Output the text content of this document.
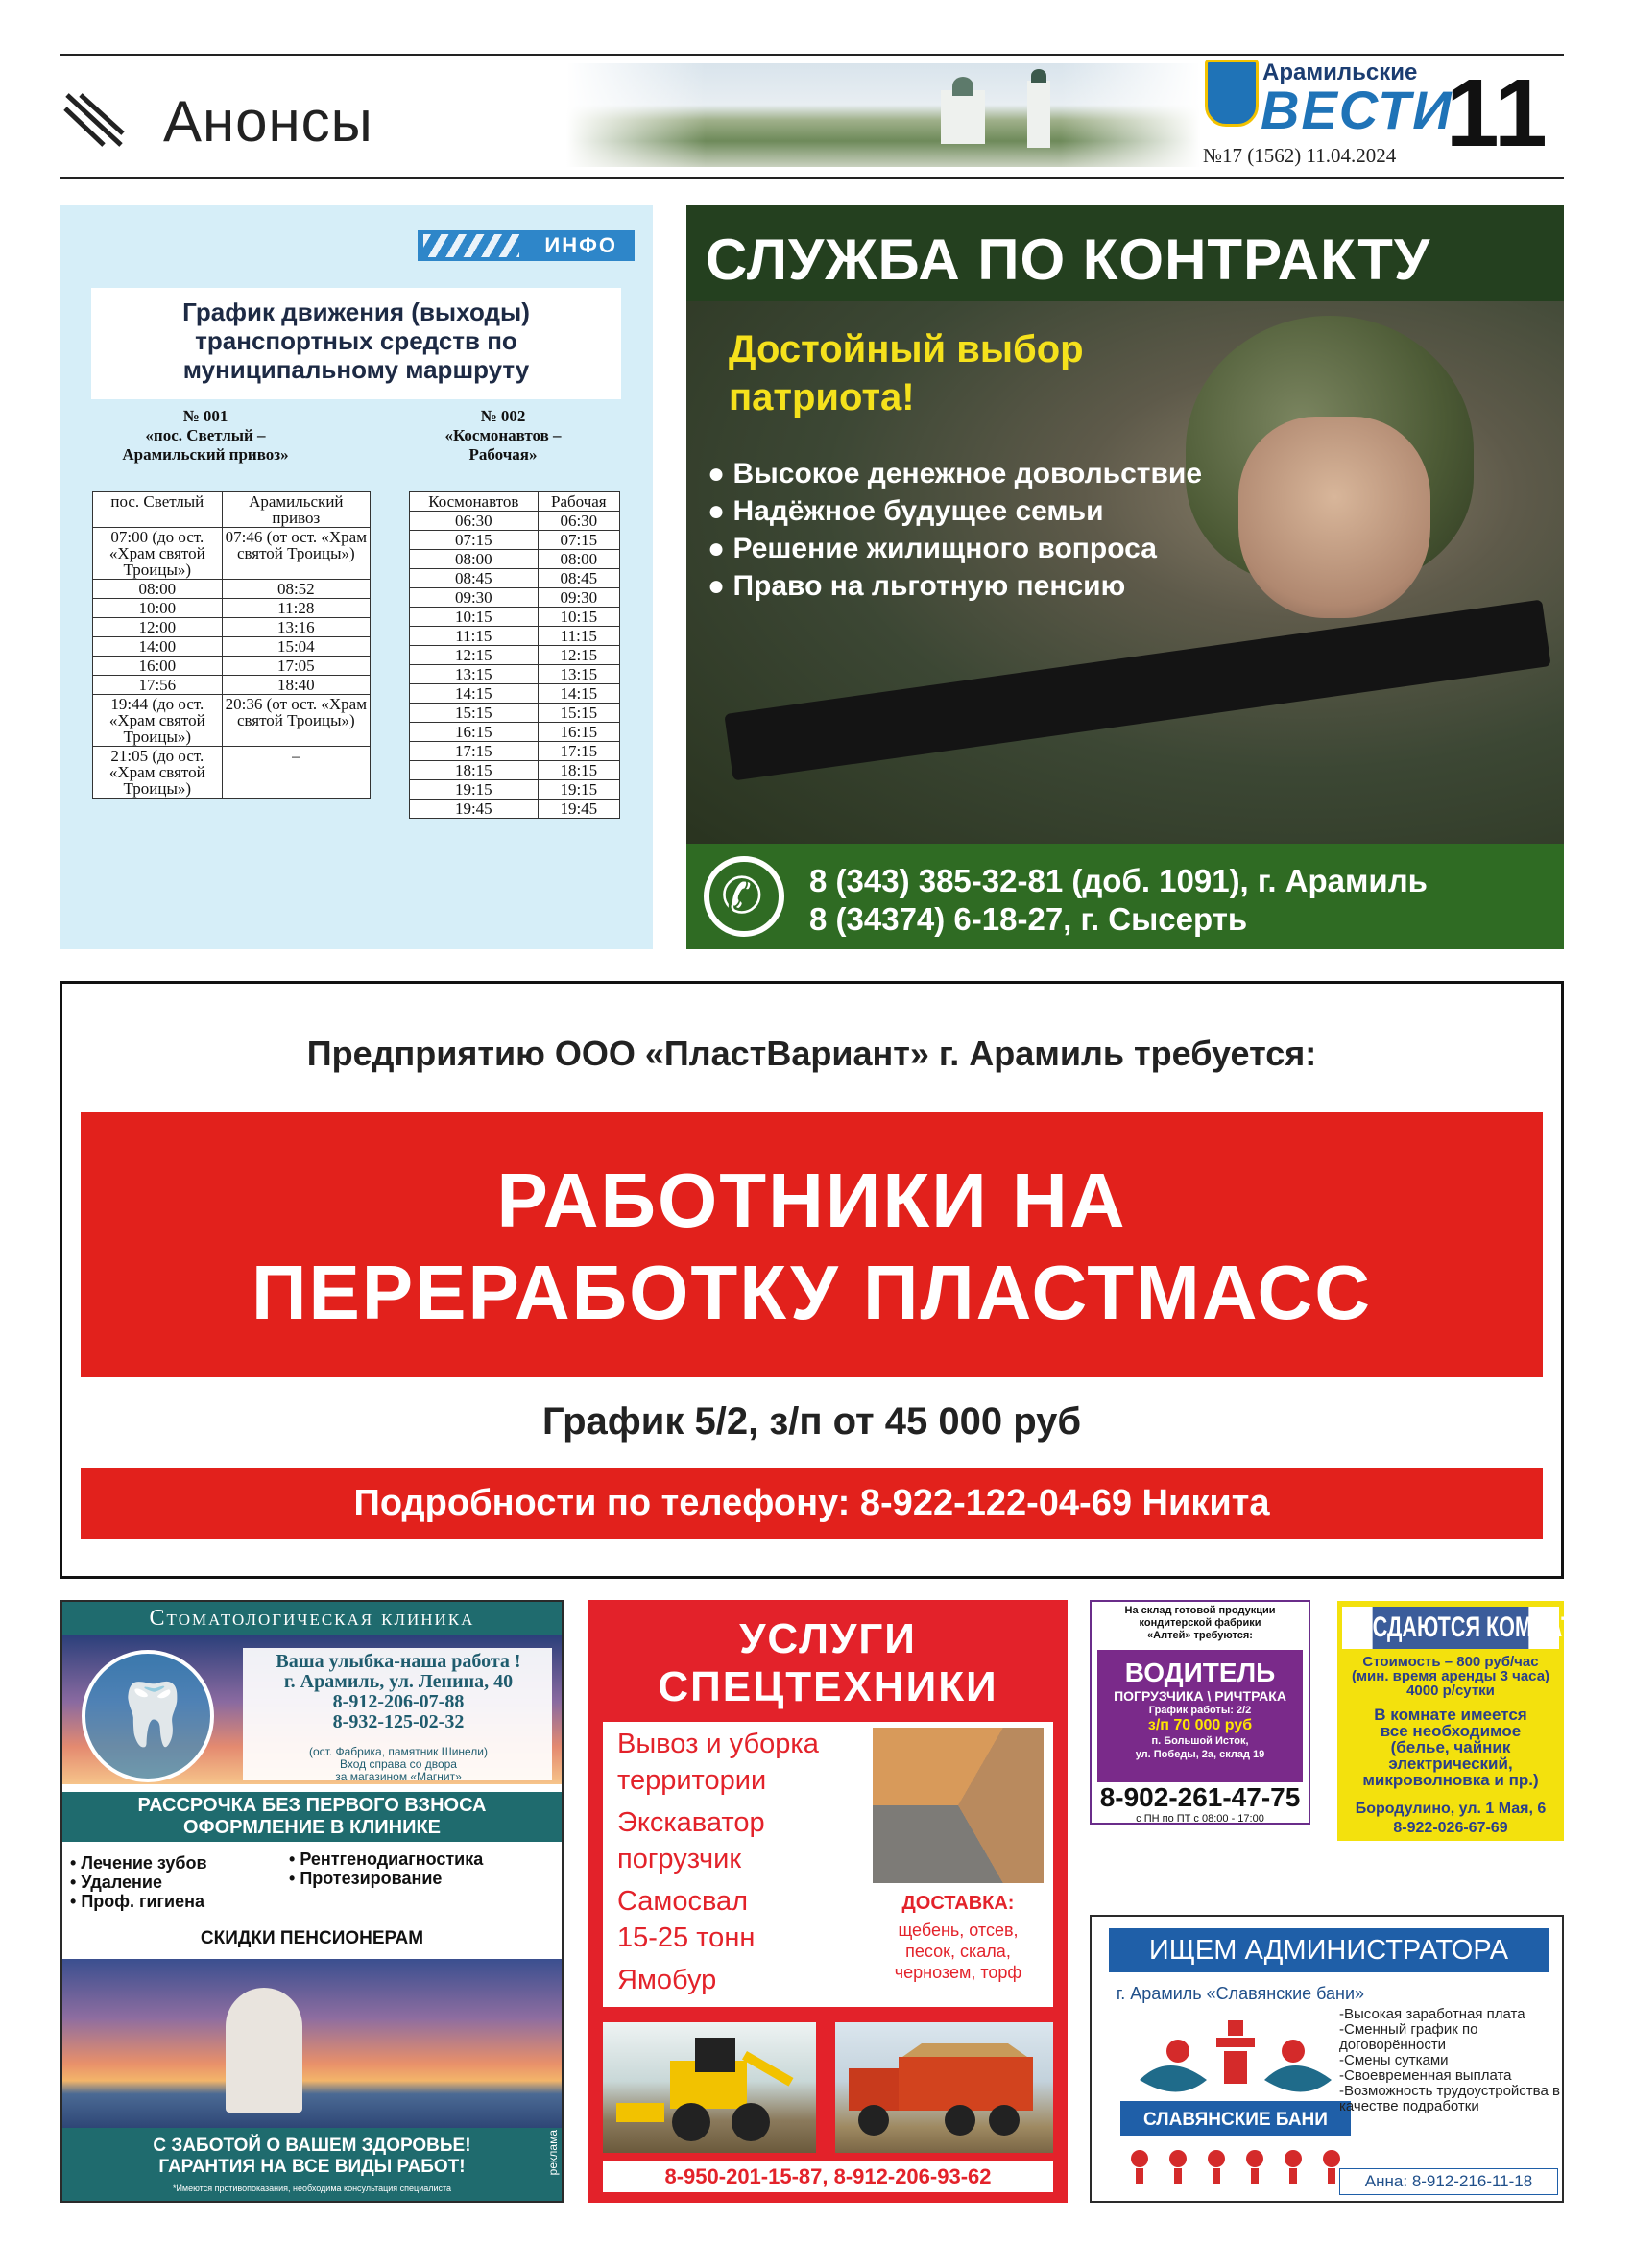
Анонсы
Арамильские
ВЕСТИ
№17 (1562) 11.04.2024 11
ИНФО
График движения (выходы)
транспортных средств по
муниципальному маршруту
№ 001
«пос. Светлый –
Арамильский привоз»
№ 002
«Космонавтов –
Рабочая»
пос. Светлый	Арамильский привоз
07:00 (до ост. «Храм святой Троицы»)	07:46 (от ост. «Храм святой Троицы»)
08:00	08:52
10:00	11:28
12:00	13:16
14:00	15:04
16:00	17:05
17:56	18:40
19:44 (до ост. «Храм святой Троицы»)	20:36 (от ост. «Храм святой Троицы»)
21:05 (до ост. «Храм святой Троицы»)	–
Космонавтов	Рабочая
06:30	06:30
07:15	07:15
08:00	08:00
08:45	08:45
09:30	09:30
10:15	10:15
11:15	11:15
12:15	12:15
13:15	13:15
14:15	14:15
15:15	15:15
16:15	16:15
17:15	17:15
18:15	18:15
19:15	19:15
19:45	19:45
СЛУЖБА ПО КОНТРАКТУ
Достойный выбор
патриота!
● Высокое денежное довольствие
● Надёжное будущее семьи
● Решение жилищного вопроса
● Право на льготную пенсию
✆ 8 (343) 385-32-81 (доб. 1091), г. Арамиль
8 (34374) 6-18-27, г. Сысерть
Предприятию ООО «ПластВариант» г. Арамиль требуется:
РАБОТНИКИ НА
ПЕРЕРАБОТКУ ПЛАСТМАСС
График 5/2, з/п от 45 000 руб
Подробности по телефону: 8-922-122-04-69 Никита
Стоматологическая клиника
🦷
Ваша улыбка-наша работа !
г. Арамиль, ул. Ленина, 40
8-912-206-07-88
8-932-125-02-32
(ост. Фабрика, памятник Шинели)
Вход справа со двора
за магазином «Магнит»
РАССРОЧКА БЕЗ ПЕРВОГО ВЗНОСА
ОФОРМЛЕНИЕ В КЛИНИКЕ
• Лечение зубов
• Удаление
• Проф. гигиена
• Рентгенодиагностика
• Протезирование
СКИДКИ ПЕНСИОНЕРАМ
С ЗАБОТОЙ О ВАШЕМ ЗДОРОВЬЕ!
ГАРАНТИЯ НА ВСЕ ВИДЫ РАБОТ!
*Имеются противопоказания, необходима консультация специалиста
реклама
УСЛУГИ
СПЕЦТЕХНИКИ
Вывоз и уборка
территории
Экскаватор
погрузчик
Самосвал
15-25 тонн
Ямобур
ДОСТАВКА:
щебень, отсев,
песок, скала,
чернозем, торф
8-950-201-15-87, 8-912-206-93-62
На склад готовой продукции
кондитерской фабрики
«Алтей» требуются:
ВОДИТЕЛЬ
ПОГРУЗЧИКА \ РИЧТРАКА
График работы: 2/2
з/п 70 000 руб
п. Большой Исток,
ул. Победы, 2а, склад 19
8-902-261-47-75
с ПН по ПТ с 08:00 - 17:00
СДАЮТСЯ КОМНАТЫ
Стоимость – 800 руб/час
(мин. время аренды 3 часа)
4000 р/сутки
В комнате имеется
все необходимое
(белье, чайник
электрический,
микроволновка и пр.)
Бородулино, ул. 1 Мая, 6
8-922-026-67-69
ИЩЕМ АДМИНИСТРАТОРА
г. Арамиль «Славянские бани»
СЛАВЯНСКИЕ БАНИ
-Высокая заработная плата
-Сменный график по договорённости
-Смены сутками
-Своевременная выплата
-Возможность трудоустройства в качестве подработки
Анна: 8-912-216-11-18
